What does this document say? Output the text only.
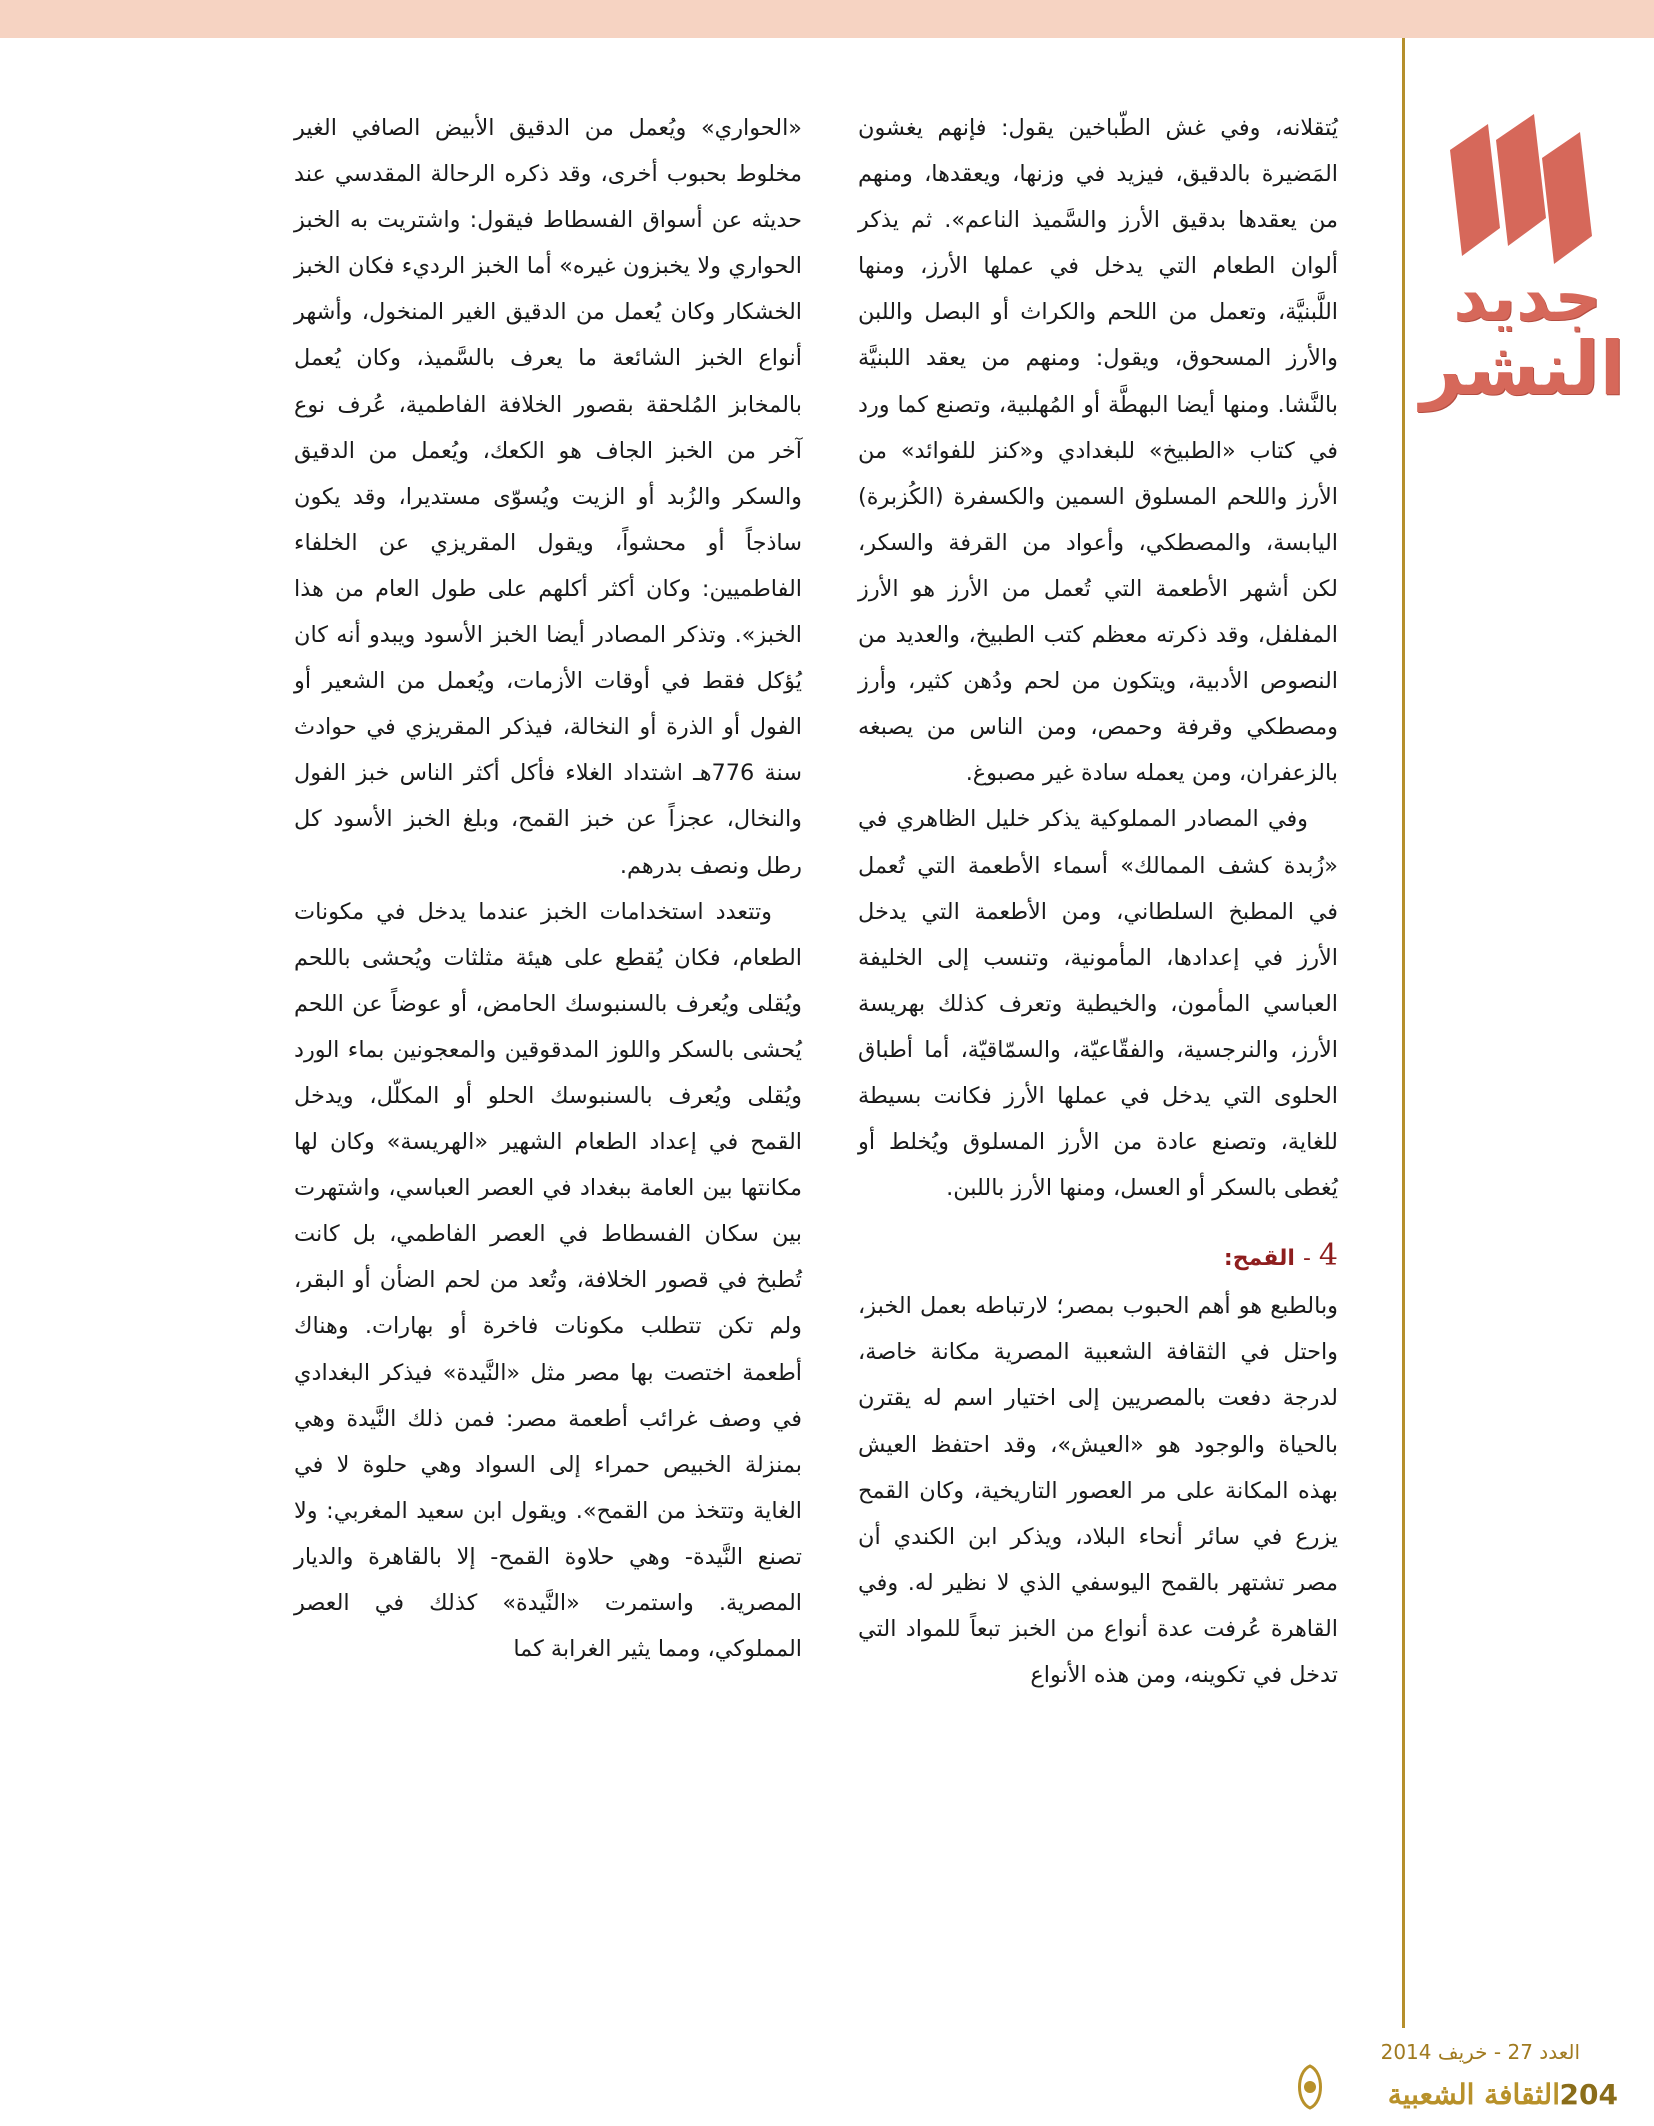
جديد
النشر

يُتقلانه، وفي غش الطّباخين يقول: فإنهم يغشون المَضيرة بالدقيق، فيزيد في وزنها، ويعقدها، ومنهم من يعقدها بدقيق الأرز والسَّميذ الناعم». ثم يذكر ألوان الطعام التي يدخل في عملها الأرز، ومنها اللَّبنيَّة، وتعمل من اللحم والكراث أو البصل واللبن والأرز المسحوق، ويقول: ومنهم من يعقد اللبنيَّة بالنَّشا. ومنها أيضا البهطَّة أو المُهلبية، وتصنع كما ورد في كتاب «الطبيخ» للبغدادي و«كنز للفوائد» من الأرز واللحم المسلوق السمين والكسفرة (الكُزبرة) اليابسة، والمصطكي، وأعواد من القرفة والسكر، لكن أشهر الأطعمة التي تُعمل من الأرز هو الأرز المفلفل، وقد ذكرته معظم كتب الطبيخ، والعديد من النصوص الأدبية، ويتكون من لحم ودُهن كثير، وأرز ومصطكي وقرفة وحمص، ومن الناس من يصبغه بالزعفران، ومن يعمله سادة غير مصبوغ.

وفي المصادر المملوكية يذكر خليل الظاهري في «زُبدة كشف الممالك» أسماء الأطعمة التي تُعمل في المطبخ السلطاني، ومن الأطعمة التي يدخل الأرز في إعدادها، المأمونية، وتنسب إلى الخليفة العباسي المأمون، والخيطية وتعرف كذلك بهريسة الأرز، والنرجسية، والفقّاعيّة، والسمّاقيّة، أما أطباق الحلوى التي يدخل في عملها الأرز فكانت بسيطة للغاية، وتصنع عادة من الأرز المسلوق ويُخلط أو يُغطى بالسكر أو العسل، ومنها الأرز باللبن.

4
-
القمح:

وبالطبع هو أهم الحبوب بمصر؛ لارتباطه بعمل الخبز، واحتل في الثقافة الشعبية المصرية مكانة خاصة، لدرجة دفعت بالمصريين إلى اختيار اسم له يقترن بالحياة والوجود هو «العيش»، وقد احتفظ العيش بهذه المكانة على مر العصور التاريخية، وكان القمح يزرع في سائر أنحاء البلاد، ويذكر ابن الكندي أن مصر تشتهر بالقمح اليوسفي الذي لا نظير له. وفي القاهرة عُرفت عدة أنواع من الخبز تبعاً للمواد التي تدخل في تكوينه، ومن هذه الأنواع

«الحواري» ويُعمل من الدقيق الأبيض الصافي الغير مخلوط بحبوب أخرى، وقد ذكره الرحالة المقدسي عند حديثه عن أسواق الفسطاط فيقول: واشتريت به الخبز الحواري ولا يخبزون غيره» أما الخبز الرديء فكان الخبز الخشكار وكان يُعمل من الدقيق الغير المنخول، وأشهر أنواع الخبز الشائعة ما يعرف بالسَّميذ، وكان يُعمل بالمخابز المُلحقة بقصور الخلافة الفاطمية، عُرف نوع آخر من الخبز الجاف هو الكعك، ويُعمل من الدقيق والسكر والزُبد أو الزيت ويُسوّى مستديرا، وقد يكون ساذجاً أو محشواً، ويقول المقريزي عن الخلفاء الفاطميين: وكان أكثر أكلهم على طول العام من هذا الخبز». وتذكر المصادر أيضا الخبز الأسود ويبدو أنه كان يُؤكل فقط في أوقات الأزمات، ويُعمل من الشعير أو الفول أو الذرة أو النخالة، فيذكر المقريزي في حوادث سنة 776هـ اشتداد الغلاء فأكل أكثر الناس خبز الفول والنخال، عجزاً عن خبز القمح، وبلغ الخبز الأسود كل رطل ونصف بدرهم.

وتتعدد استخدامات الخبز عندما يدخل في مكونات الطعام، فكان يُقطع على هيئة مثلثات ويُحشى باللحم ويُقلى ويُعرف بالسنبوسك الحامض، أو عوضاً عن اللحم يُحشى بالسكر واللوز المدقوقين والمعجونين بماء الورد ويُقلى ويُعرف بالسنبوسك الحلو أو المكلّل، ويدخل القمح في إعداد الطعام الشهير «الهريسة» وكان لها مكانتها بين العامة ببغداد في العصر العباسي، واشتهرت بين سكان الفسطاط في العصر الفاطمي، بل كانت تُطبخ في قصور الخلافة، وتُعد من لحم الضأن أو البقر، ولم تكن تتطلب مكونات فاخرة أو بهارات. وهناك أطعمة اختصت بها مصر مثل «النَّيدة» فيذكر البغدادي في وصف غرائب أطعمة مصر: فمن ذلك النَّيدة وهي بمنزلة الخبيص حمراء إلى السواد وهي حلوة لا في الغاية وتتخذ من القمح». ويقول ابن سعيد المغربي: ولا تصنع النَّيدة- وهي حلاوة القمح- إلا بالقاهرة والديار المصرية. واستمرت «النَّيدة» كذلك في العصر المملوكي، ومما يثير الغرابة كما

العدد 27 - خريف 2014
الثقافة الشعبية 204
